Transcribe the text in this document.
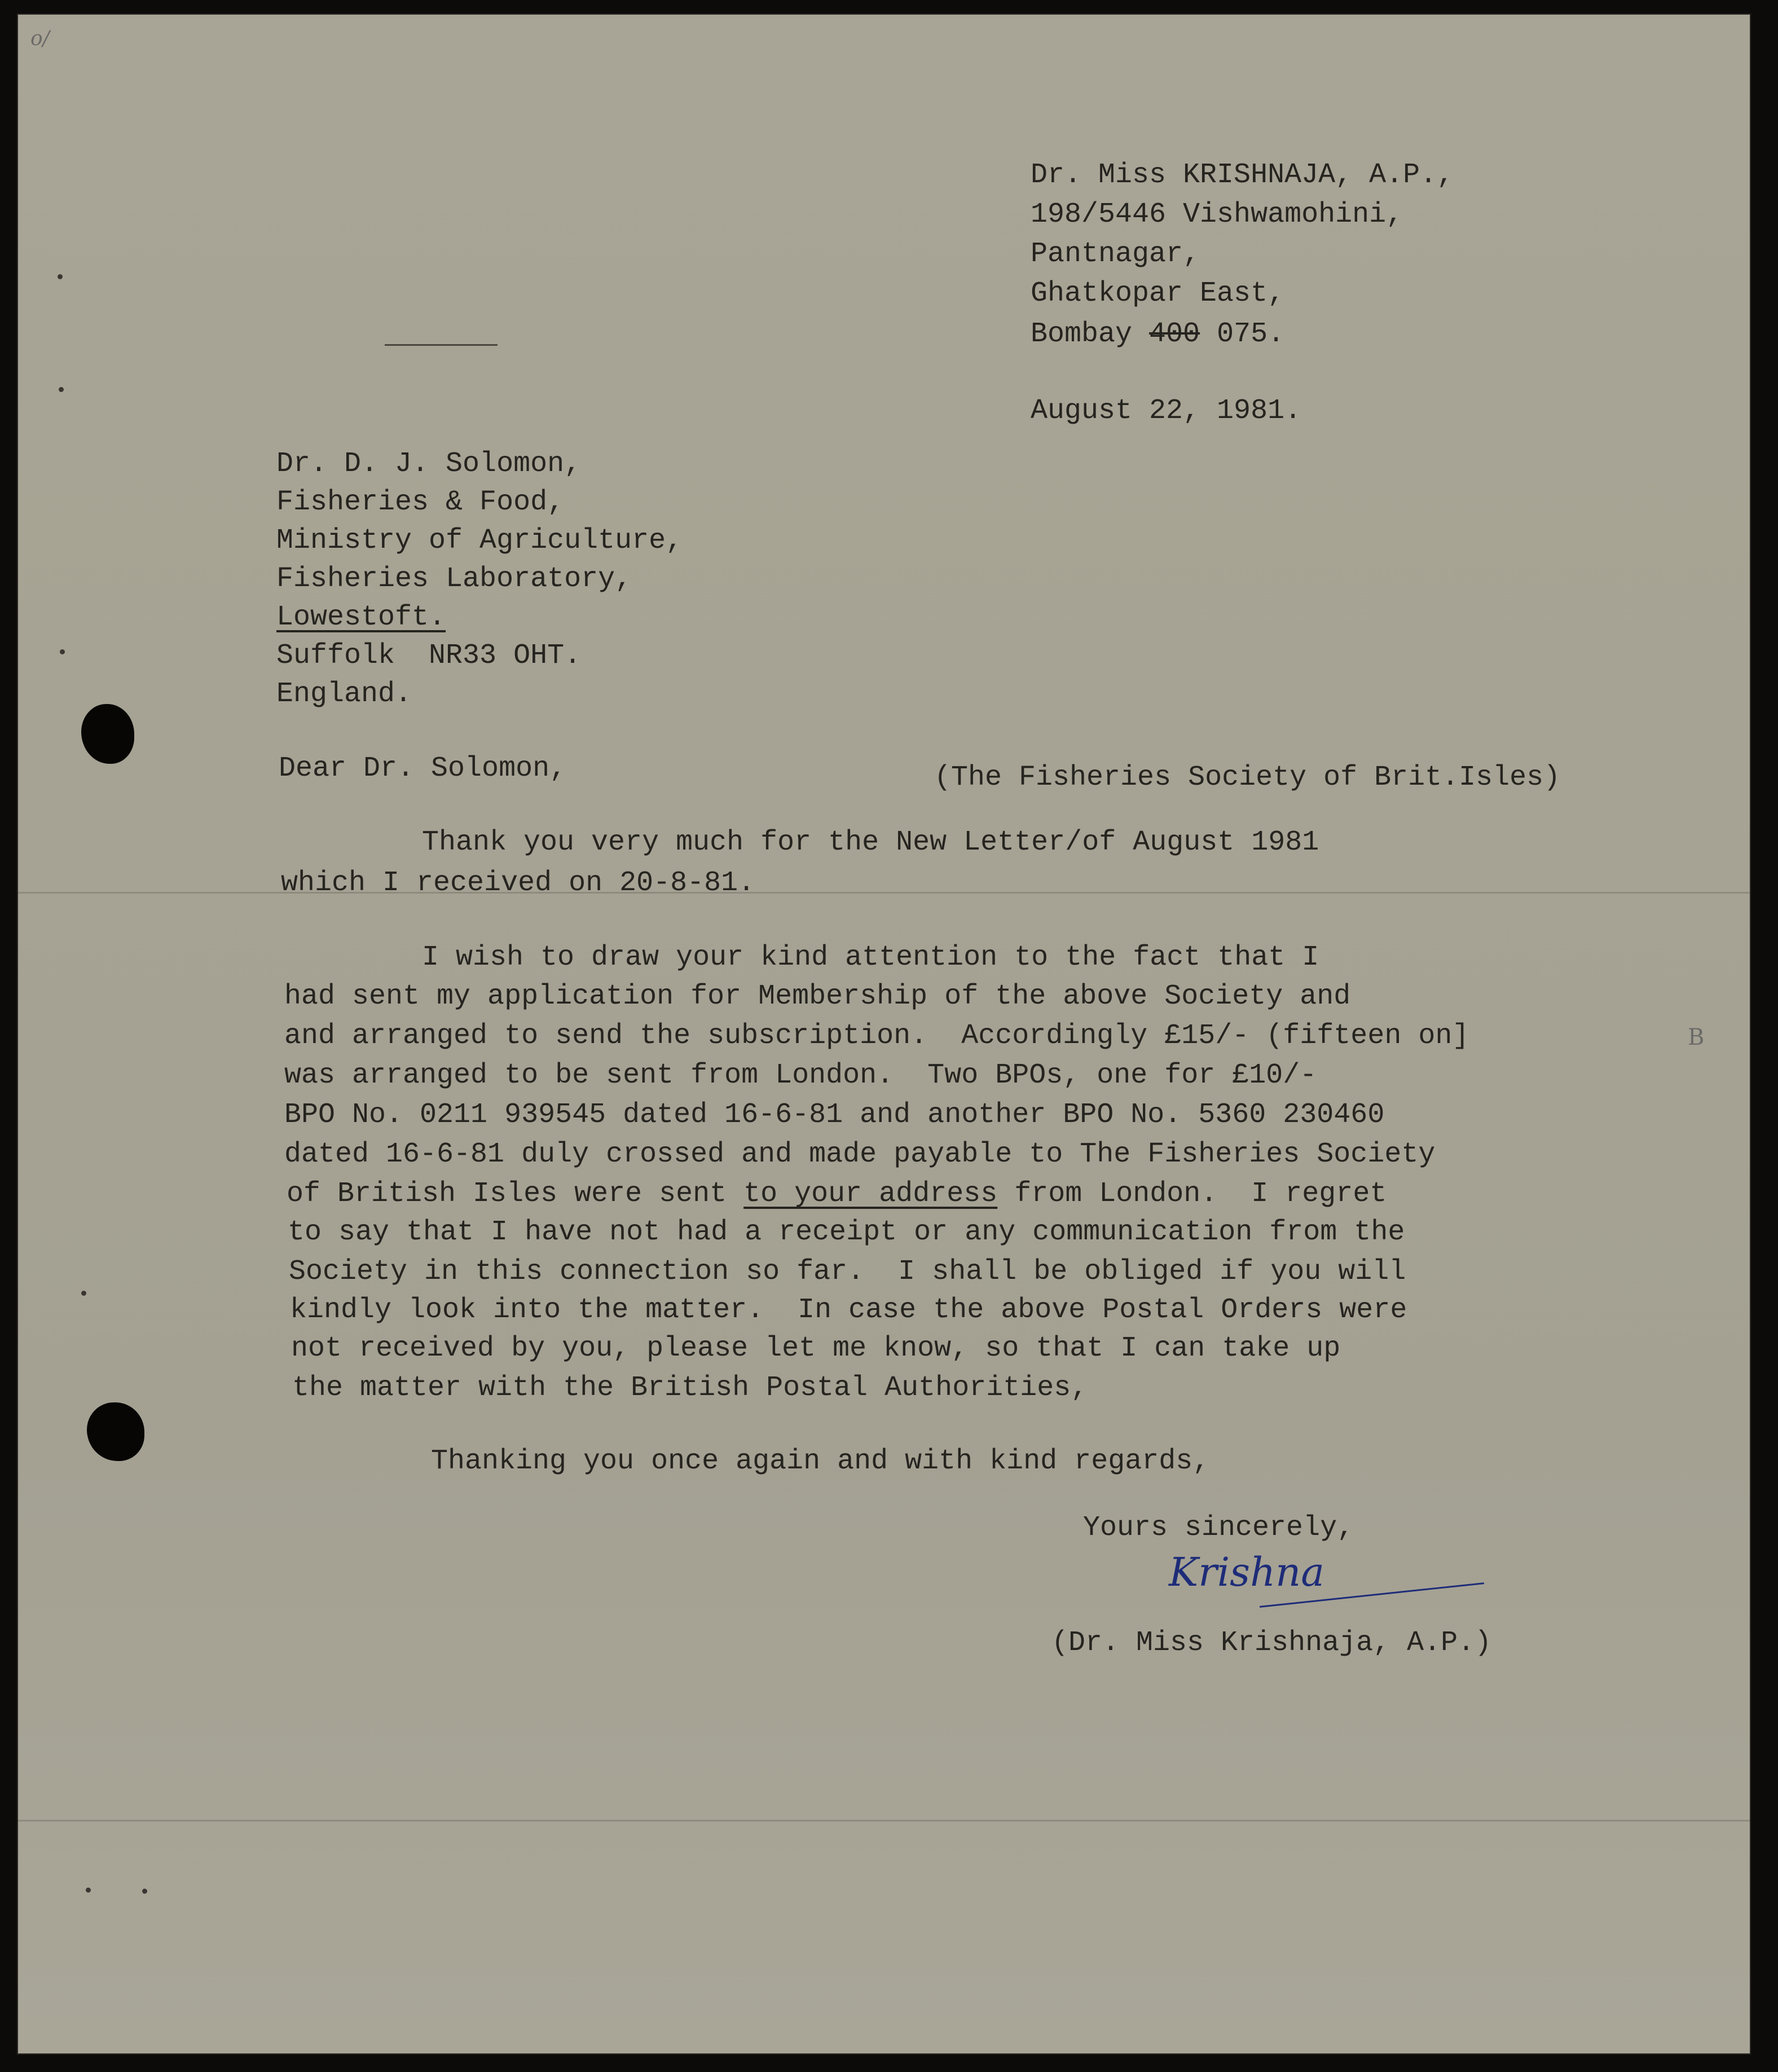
o/
Dr. Miss KRISHNAJA, A.P.,
198/5446 Vishwamohini,
Pantnagar,
Ghatkopar East,
Bombay 400 075.
August 22, 1981.
Dr. D. J. Solomon,
Fisheries & Food,
Ministry of Agriculture,
Fisheries Laboratory,
Lowestoft.
Suffolk  NR33 OHT.
England.
Dear Dr. Solomon,	(The Fisheries Society of Brit.Isles)
Thank you very much for the New Letter/of August 1981
which I received on 20-8-81.
I wish to draw your kind attention to the fact that I
had sent my application for Membership of the above Society and
and arranged to send the subscription.  Accordingly £15/- (fifteen on]
was arranged to be sent from London.  Two BPOs, one for £10/-
BPO No. 0211 939545 dated 16-6-81 and another BPO No. 5360 230460
dated 16-6-81 duly crossed and made payable to The Fisheries Society
of British Isles were sent to your address from London.  I regret
to say that I have not had a receipt or any communication from the
Society in this connection so far.  I shall be obliged if you will
kindly look into the matter.  In case the above Postal Orders were
not received by you, please let me know, so that I can take up
the matter with the British Postal Authorities,
B
Thanking you once again and with kind regards,
Yours sincerely,
Krishna
(Dr. Miss Krishnaja, A.P.)
